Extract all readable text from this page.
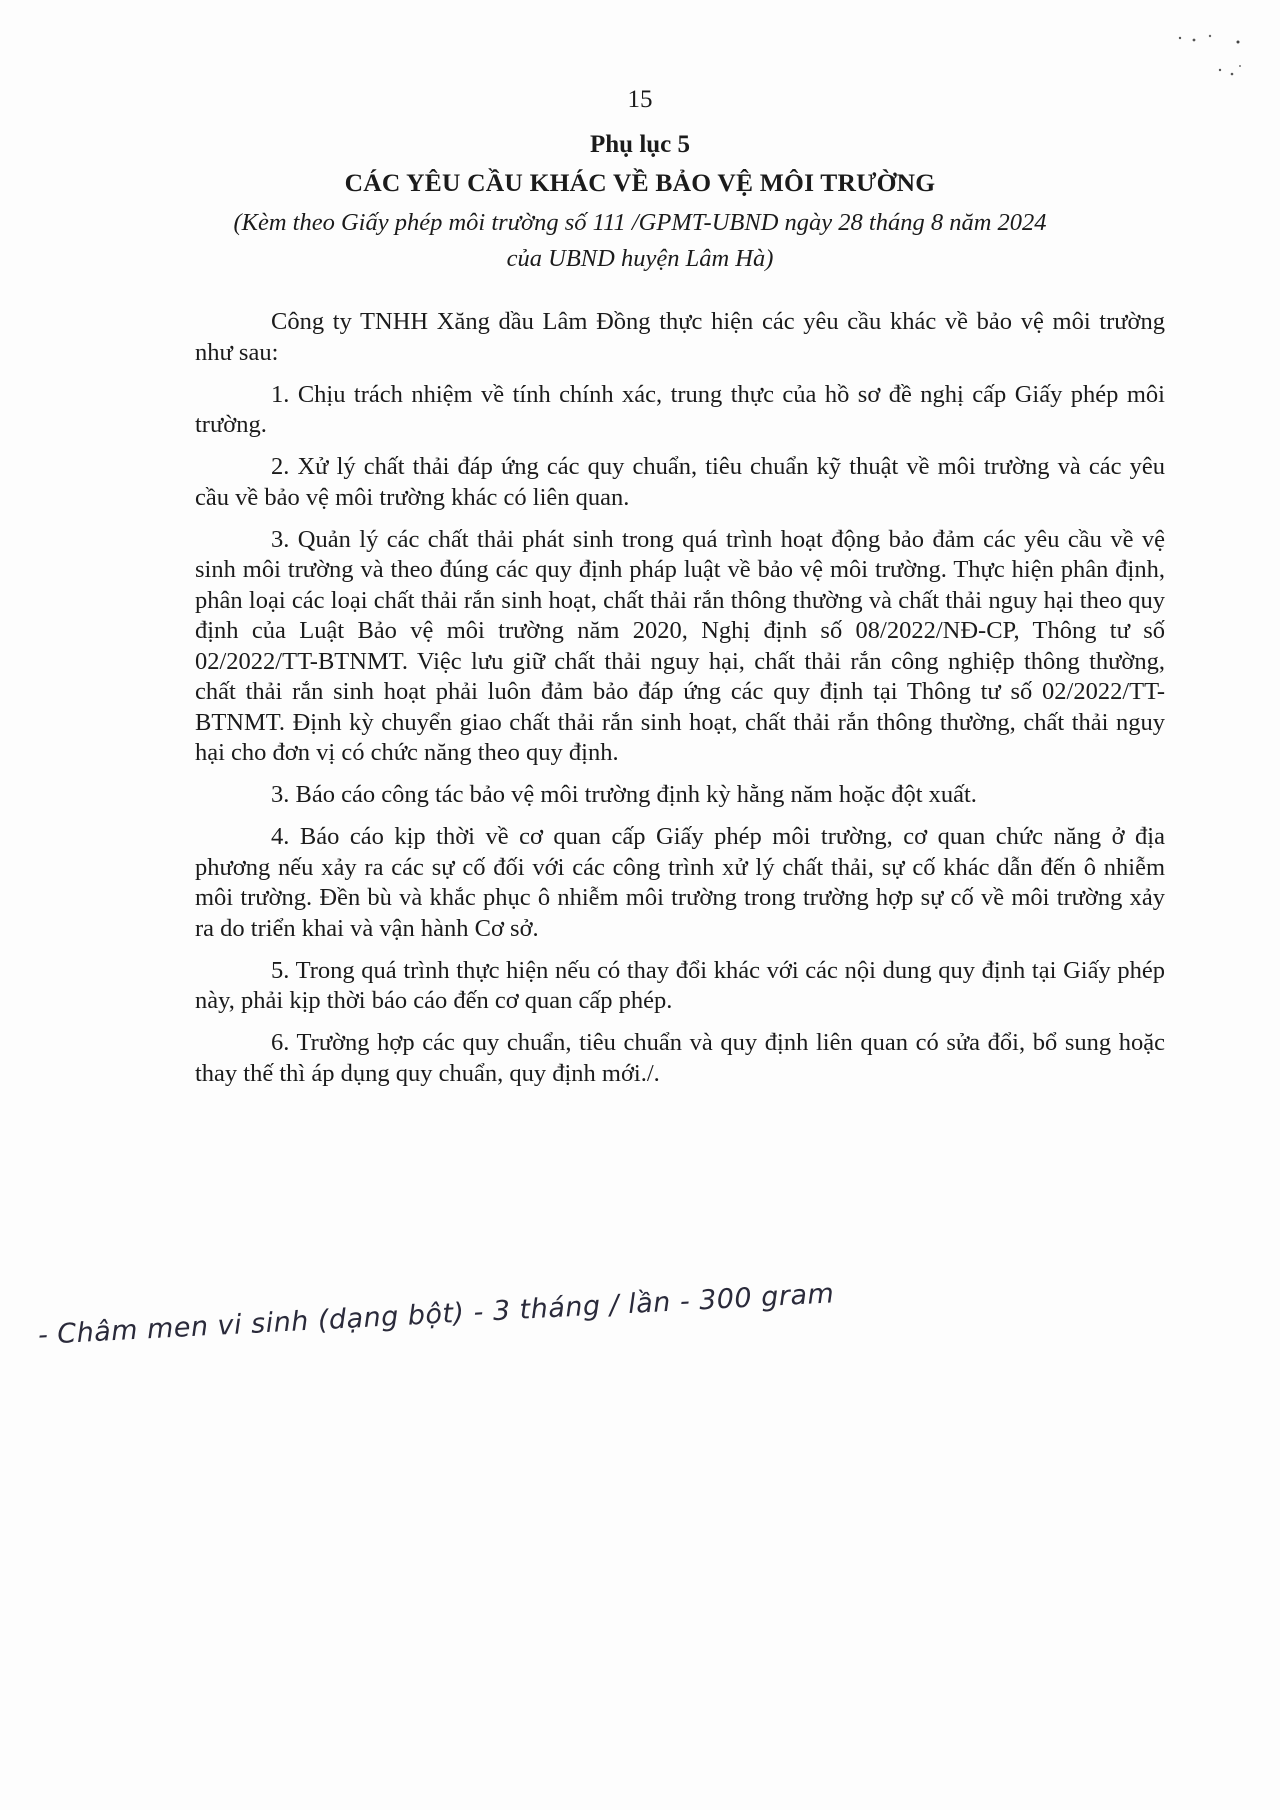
15
Phụ lục 5
CÁC YÊU CẦU KHÁC VỀ BẢO VỆ MÔI TRƯỜNG
(Kèm theo Giấy phép môi trường số 111 /GPMT-UBND ngày 28 tháng 8 năm 2024
của UBND huyện Lâm Hà)

Công ty TNHH Xăng dầu Lâm Đồng thực hiện các yêu cầu khác về bảo vệ môi trường như sau:

1. Chịu trách nhiệm về tính chính xác, trung thực của hồ sơ đề nghị cấp Giấy phép môi trường.

2. Xử lý chất thải đáp ứng các quy chuẩn, tiêu chuẩn kỹ thuật về môi trường và các yêu cầu về bảo vệ môi trường khác có liên quan.

3. Quản lý các chất thải phát sinh trong quá trình hoạt động bảo đảm các yêu cầu về vệ sinh môi trường và theo đúng các quy định pháp luật về bảo vệ môi trường. Thực hiện phân định, phân loại các loại chất thải rắn sinh hoạt, chất thải rắn thông thường và chất thải nguy hại theo quy định của Luật Bảo vệ môi trường năm 2020, Nghị định số 08/2022/NĐ-CP, Thông tư số 02/2022/TT-BTNMT. Việc lưu giữ chất thải nguy hại, chất thải rắn công nghiệp thông thường, chất thải rắn sinh hoạt phải luôn đảm bảo đáp ứng các quy định tại Thông tư số 02/2022/TT-BTNMT. Định kỳ chuyển giao chất thải rắn sinh hoạt, chất thải rắn thông thường, chất thải nguy hại cho đơn vị có chức năng theo quy định.

3. Báo cáo công tác bảo vệ môi trường định kỳ hằng năm hoặc đột xuất.

4. Báo cáo kịp thời về cơ quan cấp Giấy phép môi trường, cơ quan chức năng ở địa phương nếu xảy ra các sự cố đối với các công trình xử lý chất thải, sự cố khác dẫn đến ô nhiễm môi trường. Đền bù và khắc phục ô nhiễm môi trường trong trường hợp sự cố về môi trường xảy ra do triển khai và vận hành Cơ sở.

5. Trong quá trình thực hiện nếu có thay đổi khác với các nội dung quy định tại Giấy phép này, phải kịp thời báo cáo đến cơ quan cấp phép.

6. Trường hợp các quy chuẩn, tiêu chuẩn và quy định liên quan có sửa đổi, bổ sung hoặc thay thế thì áp dụng quy chuẩn, quy định mới./.

- Châm men vi sinh (dạng bột) - 3 tháng / lần - 300 gram
